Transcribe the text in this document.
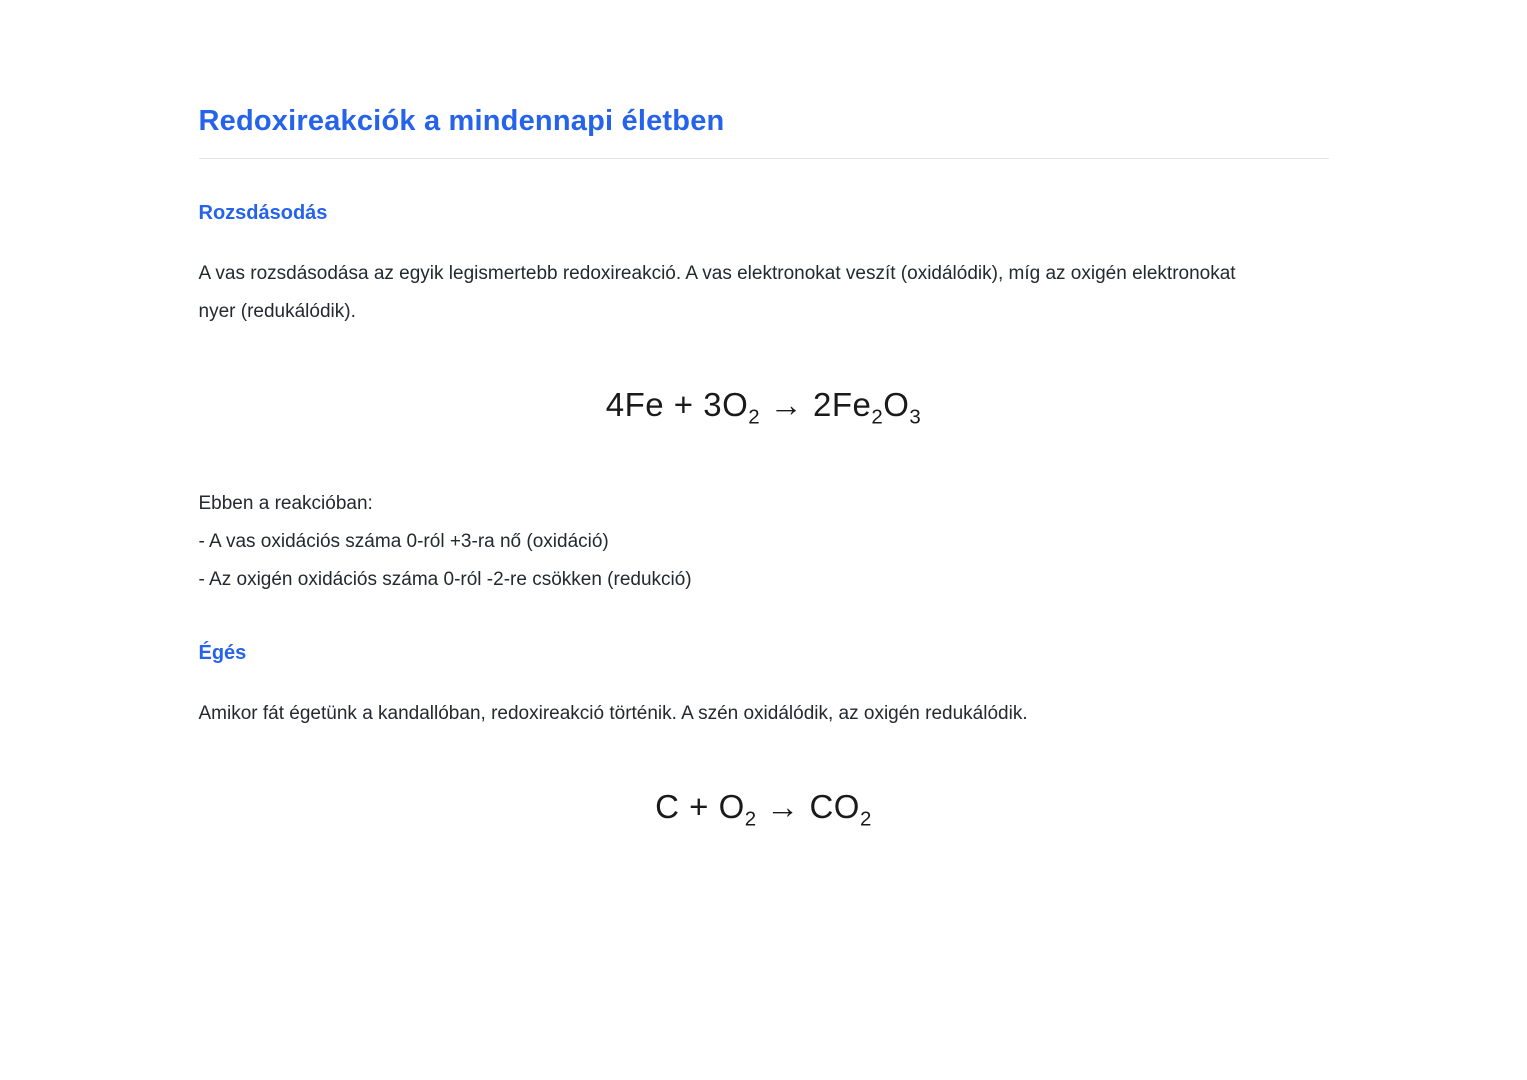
Redoxireakciók a mindennapi életben
Rozsdásodás

A vas rozsdásodása az egyik legismertebb redoxireakció. A vas elektronokat veszít (oxidálódik), míg az oxigén elektronokat nyer (redukálódik).

$4Fe + 3O_2 \to 2Fe_2O_3$

Ebben a reakcióban:
- A vas oxidációs száma 0-ról +3-ra nő (oxidáció)
- Az oxigén oxidációs száma 0-ról -2-re csökken (redukció)

Égés

Amikor fát égetünk a kandallóban, redoxireakció történik. A szén oxidálódik, az oxigén redukálódik.

$C + O_2 \to CO_2$
